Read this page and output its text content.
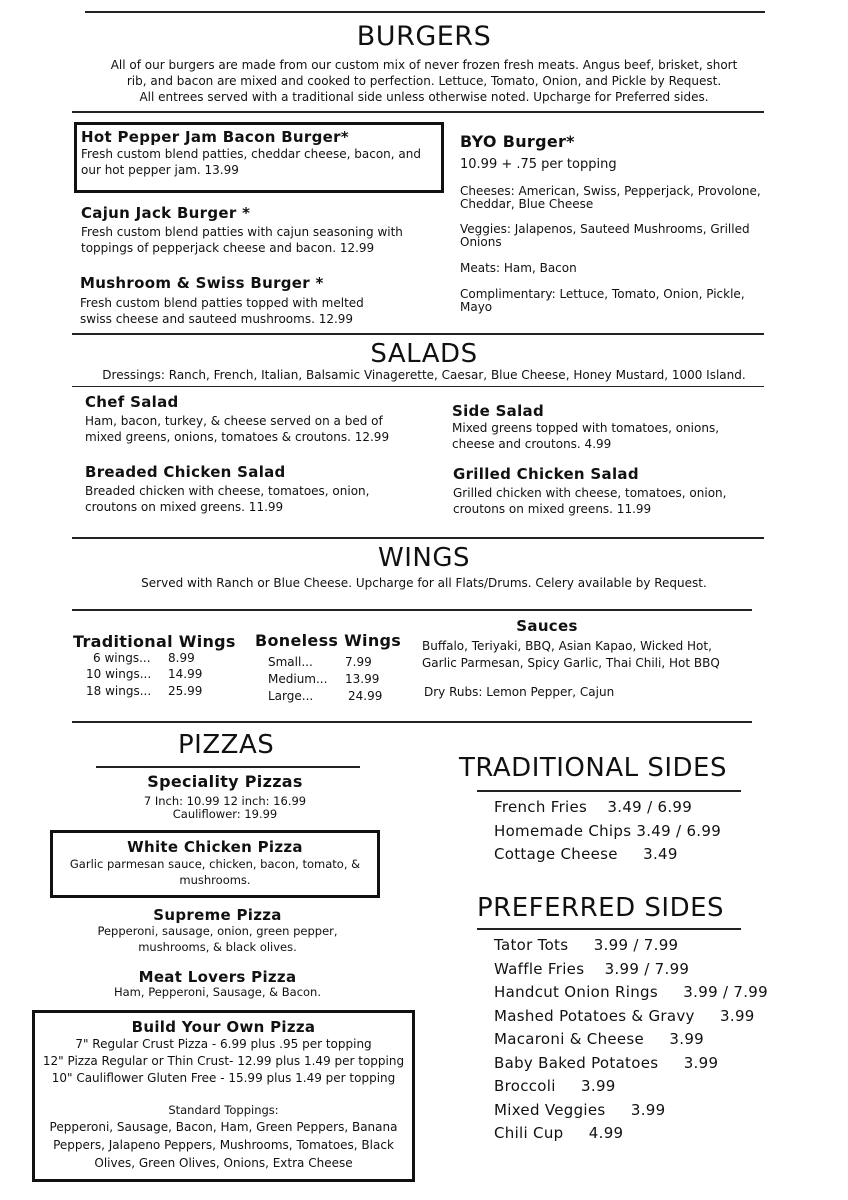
BURGERS
All of our burgers are made from our custom mix of never frozen fresh meats. Angus beef, brisket, short
rib, and bacon are mixed and cooked to perfection. Lettuce, Tomato, Onion, and Pickle by Request.
All entrees served with a traditional side unless otherwise noted. Upcharge for Preferred sides.
Hot Pepper Jam Bacon Burger*
Fresh custom blend patties, cheddar cheese, bacon, and
our hot pepper jam. 13.99
Cajun Jack Burger *
Fresh custom blend patties with cajun seasoning with
toppings of pepperjack cheese and bacon. 12.99
Mushroom & Swiss Burger *
Fresh custom blend patties topped with melted
swiss cheese and sauteed mushrooms. 12.99
BYO Burger*
10.99 + .75 per topping
Cheeses: American, Swiss, Pepperjack, Provolone,
Cheddar, Blue Cheese
Veggies: Jalapenos, Sauteed Mushrooms, Grilled
Onions
Meats: Ham, Bacon
Complimentary: Lettuce, Tomato, Onion, Pickle,
Mayo
SALADS
Dressings: Ranch, French, Italian, Balsamic Vinagerette, Caesar, Blue Cheese, Honey Mustard, 1000 Island.
Chef Salad
Ham, bacon, turkey, & cheese served on a bed of
mixed greens, onions, tomatoes & croutons. 12.99
Breaded Chicken Salad
Breaded chicken with cheese, tomatoes, onion,
croutons on mixed greens. 11.99
Side Salad
Mixed greens topped with tomatoes, onions,
cheese and croutons. 4.99
Grilled Chicken Salad
Grilled chicken with cheese, tomatoes, onion,
croutons on mixed greens. 11.99
WINGS
Served with Ranch or Blue Cheese. Upcharge for all Flats/Drums. Celery available by Request.
Traditional Wings
6 wings...	8.99
10 wings...	14.99
18 wings...	25.99
Boneless Wings
Small...	7.99
Medium...	13.99
Large...	24.99
Sauces
Buffalo, Teriyaki, BBQ, Asian Kapao, Wicked Hot,
Garlic Parmesan, Spicy Garlic, Thai Chili, Hot BBQ
Dry Rubs: Lemon Pepper, Cajun
PIZZAS
Speciality Pizzas
7 Inch: 10.99 12 inch: 16.99
Cauliflower: 19.99
White Chicken Pizza
Garlic parmesan sauce, chicken, bacon, tomato, &
mushrooms.
Supreme Pizza
Pepperoni, sausage, onion, green pepper,
mushrooms, & black olives.
Meat Lovers Pizza
Ham, Pepperoni, Sausage, & Bacon.
Build Your Own Pizza
7" Regular Crust Pizza - 6.99 plus .95 per topping
12" Pizza Regular or Thin Crust- 12.99 plus 1.49 per topping
10" Cauliflower Gluten Free - 15.99 plus 1.49 per topping
Standard Toppings:
Pepperoni, Sausage, Bacon, Ham, Green Peppers, Banana
Peppers, Jalapeno Peppers, Mushrooms, Tomatoes, Black
Olives, Green Olives, Onions, Extra Cheese
TRADITIONAL SIDES
French Fries    3.49 / 6.99
Homemade Chips 3.49 / 6.99
Cottage Cheese     3.49
PREFERRED SIDES
Tator Tots     3.99 / 7.99
Waffle Fries    3.99 / 7.99
Handcut Onion Rings     3.99 / 7.99
Mashed Potatoes & Gravy     3.99
Macaroni & Cheese     3.99
Baby Baked Potatoes     3.99
Broccoli     3.99
Mixed Veggies     3.99
Chili Cup     4.99
